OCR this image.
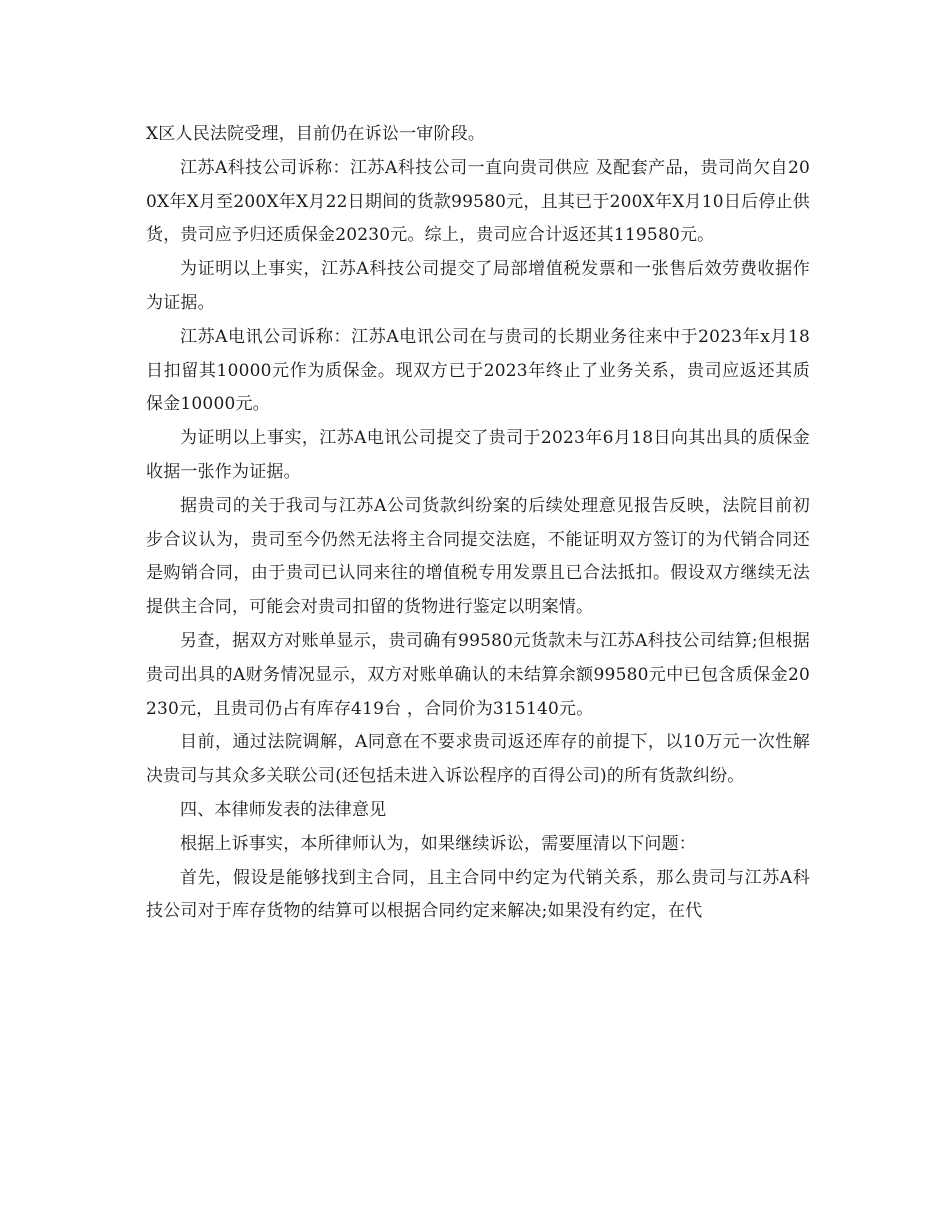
X区人民法院受理，目前仍在诉讼一审阶段。

江苏A科技公司诉称：江苏A科技公司一直向贵司供应 及配套产品，贵司尚欠自200X年X月至200X年X月22日期间的货款99580元，且其已于200X年X月10日后停止供货，贵司应予归还质保金20230元。综上，贵司应合计返还其119580元。

为证明以上事实，江苏A科技公司提交了局部增值税发票和一张售后效劳费收据作为证据。

江苏A电讯公司诉称：江苏A电讯公司在与贵司的长期业务往来中于2023年x月18日扣留其10000元作为质保金。现双方已于2023年终止了业务关系，贵司应返还其质保金10000元。

为证明以上事实，江苏A电讯公司提交了贵司于2023年6月18日向其出具的质保金收据一张作为证据。

据贵司的关于我司与江苏A公司货款纠纷案的后续处理意见报告反映，法院目前初步合议认为，贵司至今仍然无法将主合同提交法庭，不能证明双方签订的为代销合同还是购销合同，由于贵司已认同来往的增值税专用发票且已合法抵扣。假设双方继续无法提供主合同，可能会对贵司扣留的货物进行鉴定以明案情。

另查，据双方对账单显示，贵司确有99580元货款未与江苏A科技公司结算;但根据贵司出具的A财务情况显示，双方对账单确认的未结算余额99580元中已包含质保金20230元，且贵司仍占有库存419台 ，合同价为315140元。

目前，通过法院调解，A同意在不要求贵司返还库存的前提下，以10万元一次性解决贵司与其众多关联公司(还包括未进入诉讼程序的百得公司)的所有货款纠纷。

四、本律师发表的法律意见

根据上诉事实，本所律师认为，如果继续诉讼，需要厘清以下问题：

首先，假设是能够找到主合同，且主合同中约定为代销关系，那么贵司与江苏A科技公司对于库存货物的结算可以根据合同约定来解决;如果没有约定，在代
